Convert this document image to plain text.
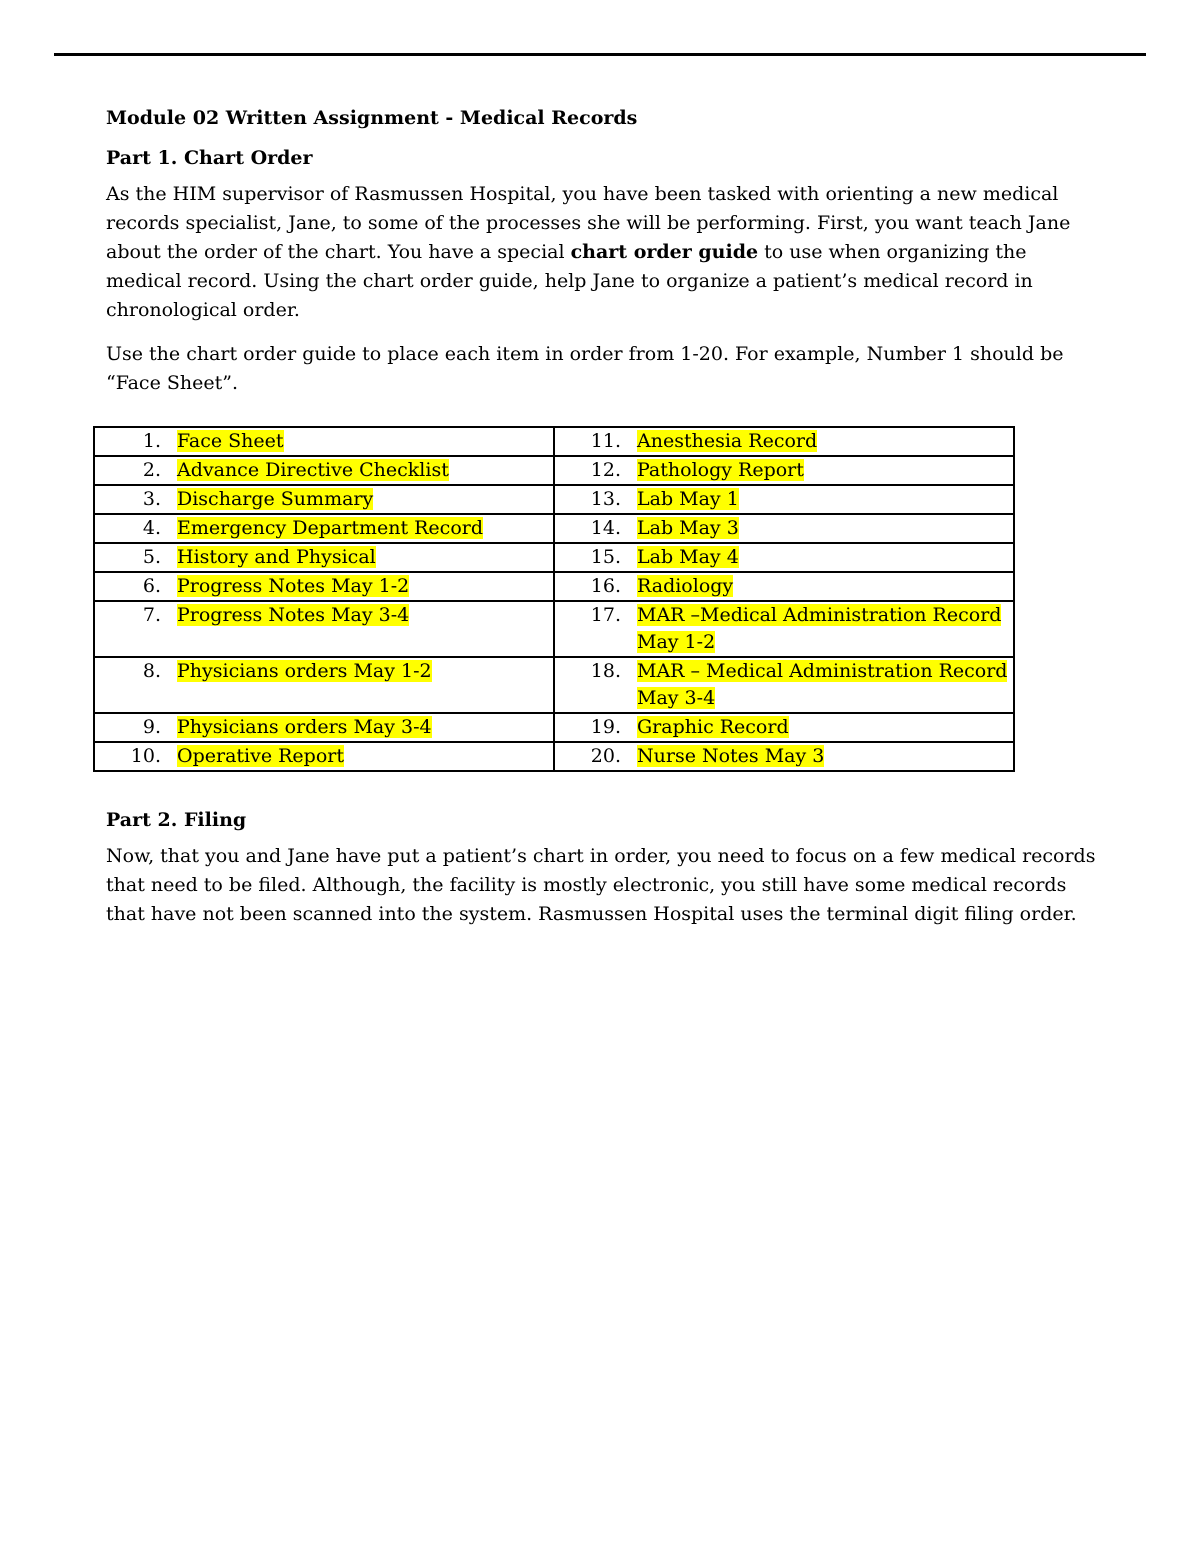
Module 02 Written Assignment - Medical Records
Part 1. Chart Order

As the HIM supervisor of Rasmussen Hospital, you have been tasked with orienting a new medical records specialist, Jane, to some of the processes she will be performing. First, you want teach Jane about the order of the chart. You have a special chart order guide to use when organizing the medical record. Using the chart order guide, help Jane to organize a patient’s medical record in chronological order.

Use the chart order guide to place each item in order from 1-20. For example, Number 1 should be “Face Sheet”.

1. Face Sheet	11. Anesthesia Record

2. Advance Directive Checklist	12. Pathology Report

3. Discharge Summary	13. Lab May 1

4. Emergency Department Record	14. Lab May 3

5. History and Physical	15. Lab May 4

6. Progress Notes May 1-2	16. Radiology

7. Progress Notes May 3-4	17. MAR –Medical Administration Record May 1-2

8. Physicians orders May 1-2	18. MAR – Medical Administration Record May 3-4

9. Physicians orders May 3-4	19. Graphic Record

10. Operative Report	20. Nurse Notes May 3
Part 2. Filing

Now, that you and Jane have put a patient’s chart in order, you need to focus on a few medical records that need to be filed. Although, the facility is mostly electronic, you still have some medical records that have not been scanned into the system. Rasmussen Hospital uses the terminal digit filing order.
